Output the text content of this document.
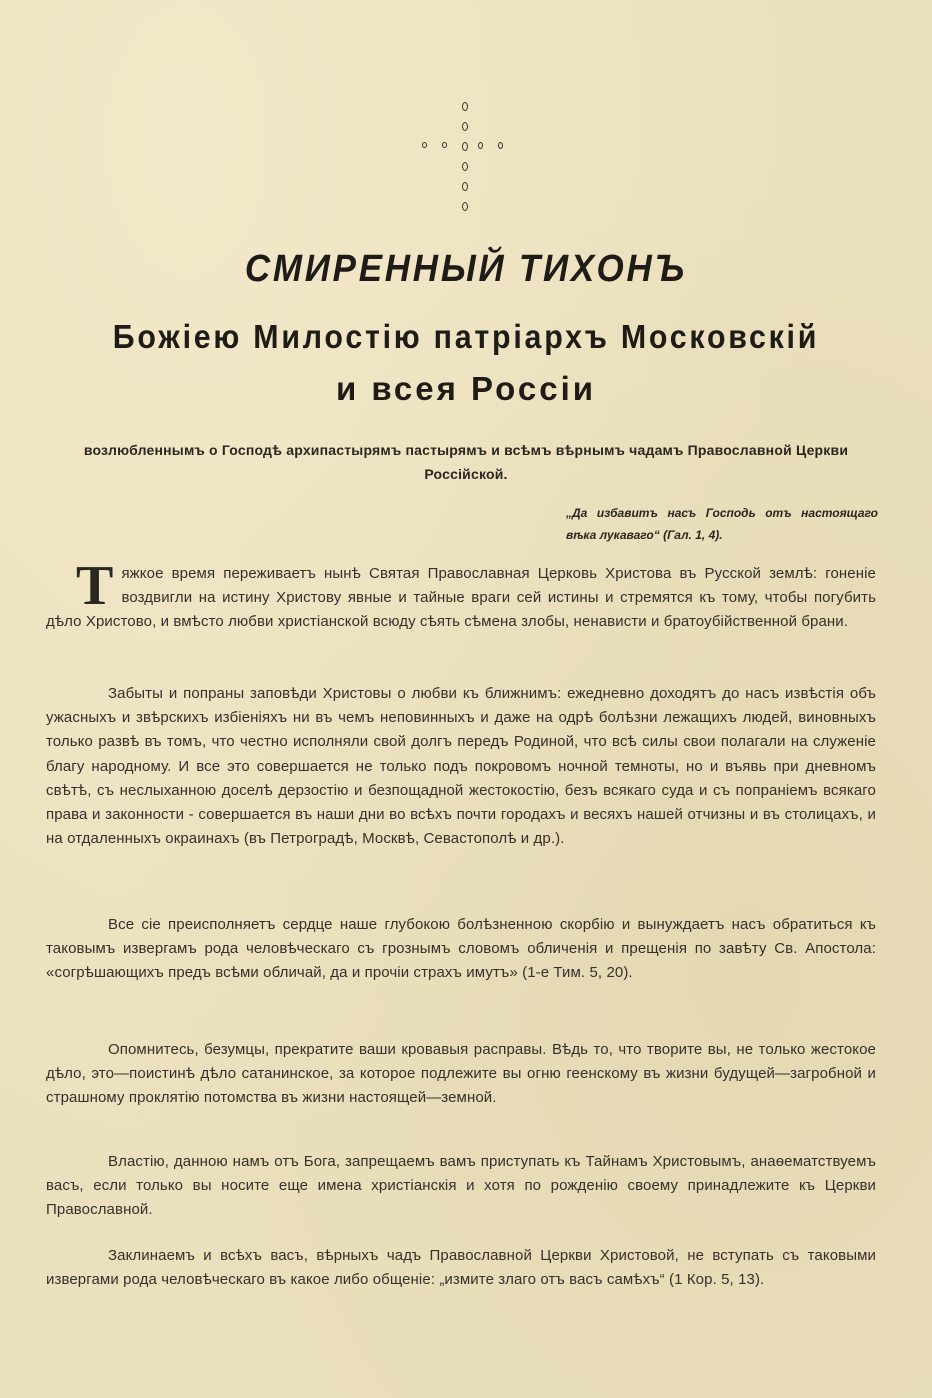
СМИРЕННЫЙ ТИХОНЪ
Божіею Милостію патріархъ Московскій
и всея Россіи
возлюбленнымъ о Господѣ архипастырямъ пастырямъ и всѣмъ вѣрнымъ чадамъ Православной Церкви Россійской.
„Да избавитъ насъ Господь отъ настоящаго вѣка лукаваго“ (Гал. 1, 4).

Т яжкое время переживаетъ нынѣ Святая Православная Церковь Христова въ Русской землѣ: гоненіе воздвигли на истину Христову явные и тайные враги сей истины и стремятся къ тому, чтобы погубить дѣло Христово, и вмѣсто любви христіанской всюду сѣять сѣмена злобы, ненависти и братоубійственной брани.

Забыты и попраны заповѣди Христовы о любви къ ближнимъ: ежедневно доходятъ до насъ извѣстія объ ужасныхъ и звѣрскихъ избіеніяхъ ни въ чемъ неповинныхъ и даже на одрѣ болѣзни лежащихъ людей, виновныхъ только развѣ въ томъ, что честно исполняли свой долгъ передъ Родиной, что всѣ силы свои полагали на служеніе благу народному. И все это совершается не только подъ покровомъ ночной темноты, но и въявь при дневномъ свѣтѣ, съ неслыханною доселѣ дерзостію и безпощадной жестокостію, безъ всякаго суда и съ попраніемъ всякаго права и законности - совершается въ наши дни во всѣхъ почти городахъ и весяхъ нашей отчизны и въ столицахъ, и на отдаленныхъ окраинахъ (въ Петроградѣ, Москвѣ, Севастополѣ и др.).

Все сіе преисполняетъ сердце наше глубокою болѣзненною скорбію и вынуждаетъ насъ обратиться къ таковымъ извергамъ рода человѣческаго съ грознымъ словомъ обличенія и прещенія по завѣту Св. Апостола: «согрѣшающихъ предъ всѣми обличай, да и прочіи страхъ имутъ» (1-е Тим. 5, 20).

Опомнитесь, безумцы, прекратите ваши кровавыя расправы. Вѣдь то, что творите вы, не только жестокое дѣло, это—поистинѣ дѣло сатанинское, за которое подлежите вы огню геенскому въ жизни будущей—загробной и страшному проклятію потомства въ жизни настоящей—земной.

Властію, данною намъ отъ Бога, запрещаемъ вамъ приступать къ Тайнамъ Христовымъ, анаѳематствуемъ васъ, если только вы носите еще имена христіанскія и хотя по рожденію своему принадлежите къ Церкви Православной.

Заклинаемъ и всѣхъ васъ, вѣрныхъ чадъ Православной Церкви Христовой, не вступать съ таковыми извергами рода человѣческаго въ какое либо общеніе: „измите злаго отъ васъ самѣхъ“ (1 Кор. 5, 13).
